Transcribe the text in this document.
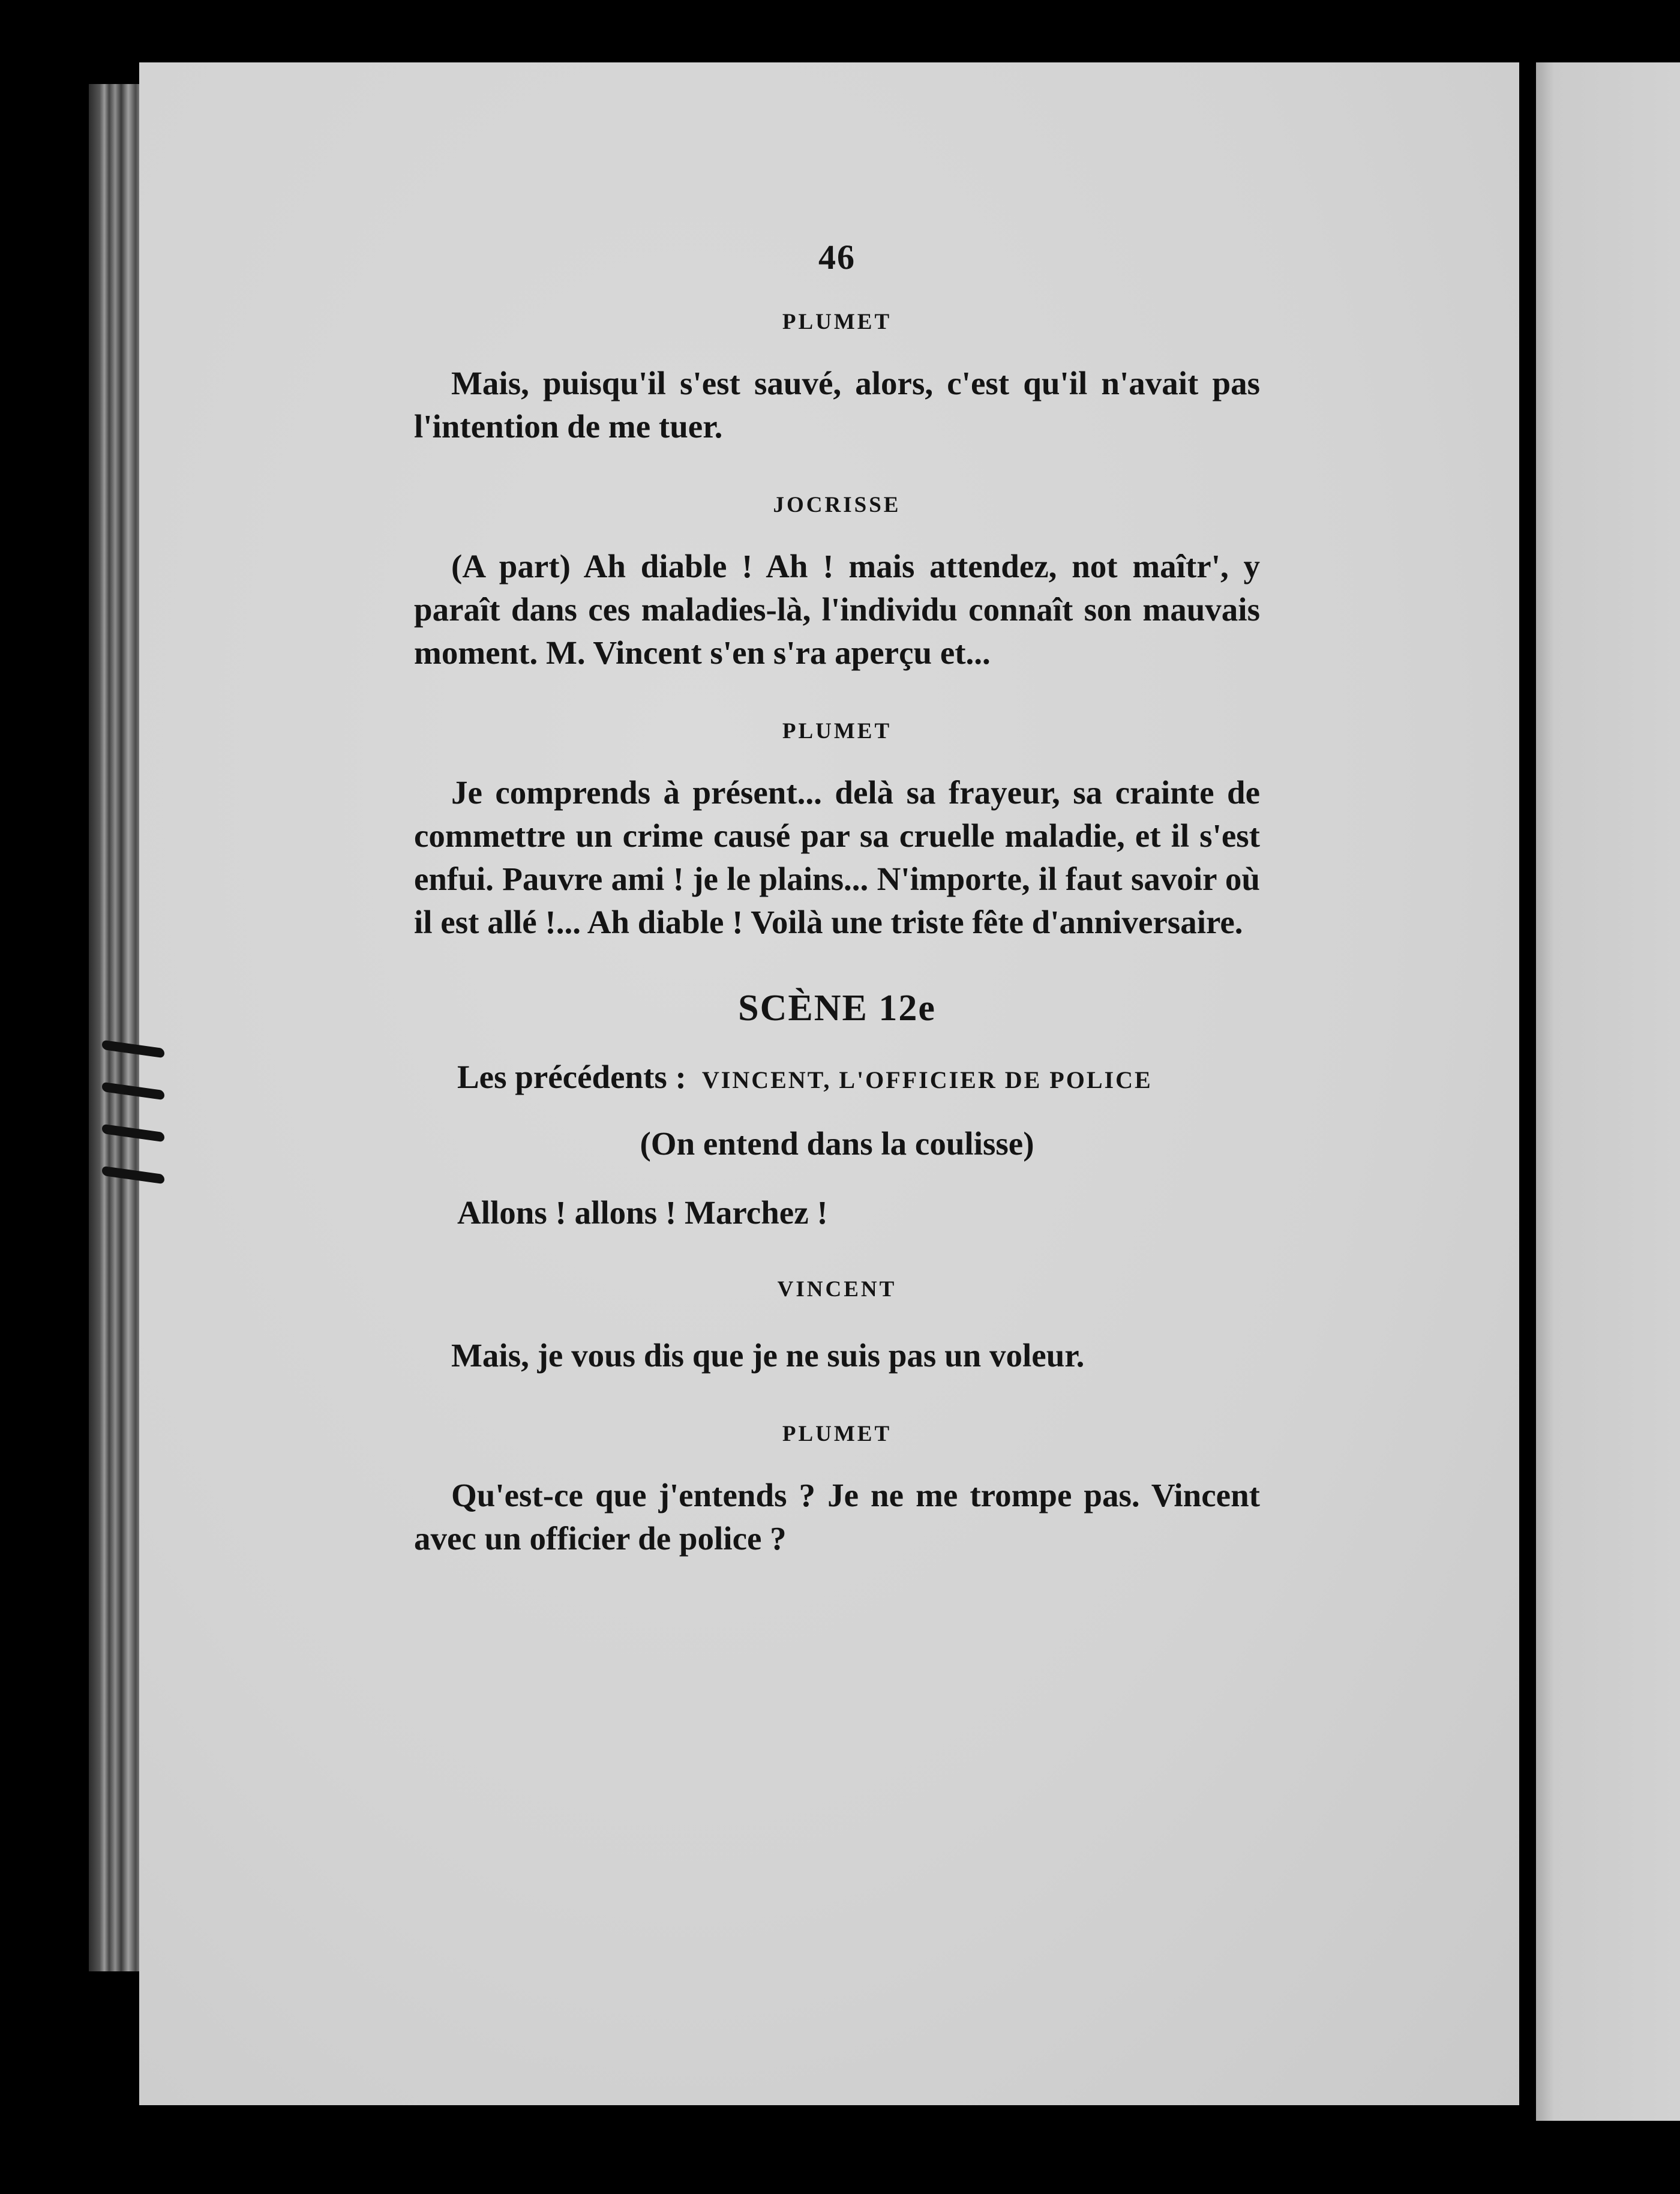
46
PLUMET

Mais, puisqu'il s'est sauvé, alors, c'est qu'il n'avait pas l'intention de me tuer.

JOCRISSE

(A part) Ah diable ! Ah ! mais attendez, not maîtr', y paraît dans ces maladies-là, l'individu connaît son mauvais moment. M. Vincent s'en s'ra aperçu et...

PLUMET

Je comprends à présent... delà sa frayeur, sa crainte de commettre un crime causé par sa cruelle maladie, et il s'est enfui. Pauvre ami ! je le plains... N'importe, il faut savoir où il est allé !... Ah diable ! Voilà une triste fête d'anniversaire.

SCÈNE 12e
Les précédents : VINCENT, L'OFFICIER DE POLICE
(On entend dans la coulisse)
Allons ! allons ! Marchez !
VINCENT

Mais, je vous dis que je ne suis pas un voleur.

PLUMET

Qu'est-ce que j'entends ? Je ne me trompe pas. Vincent avec un officier de police ?
